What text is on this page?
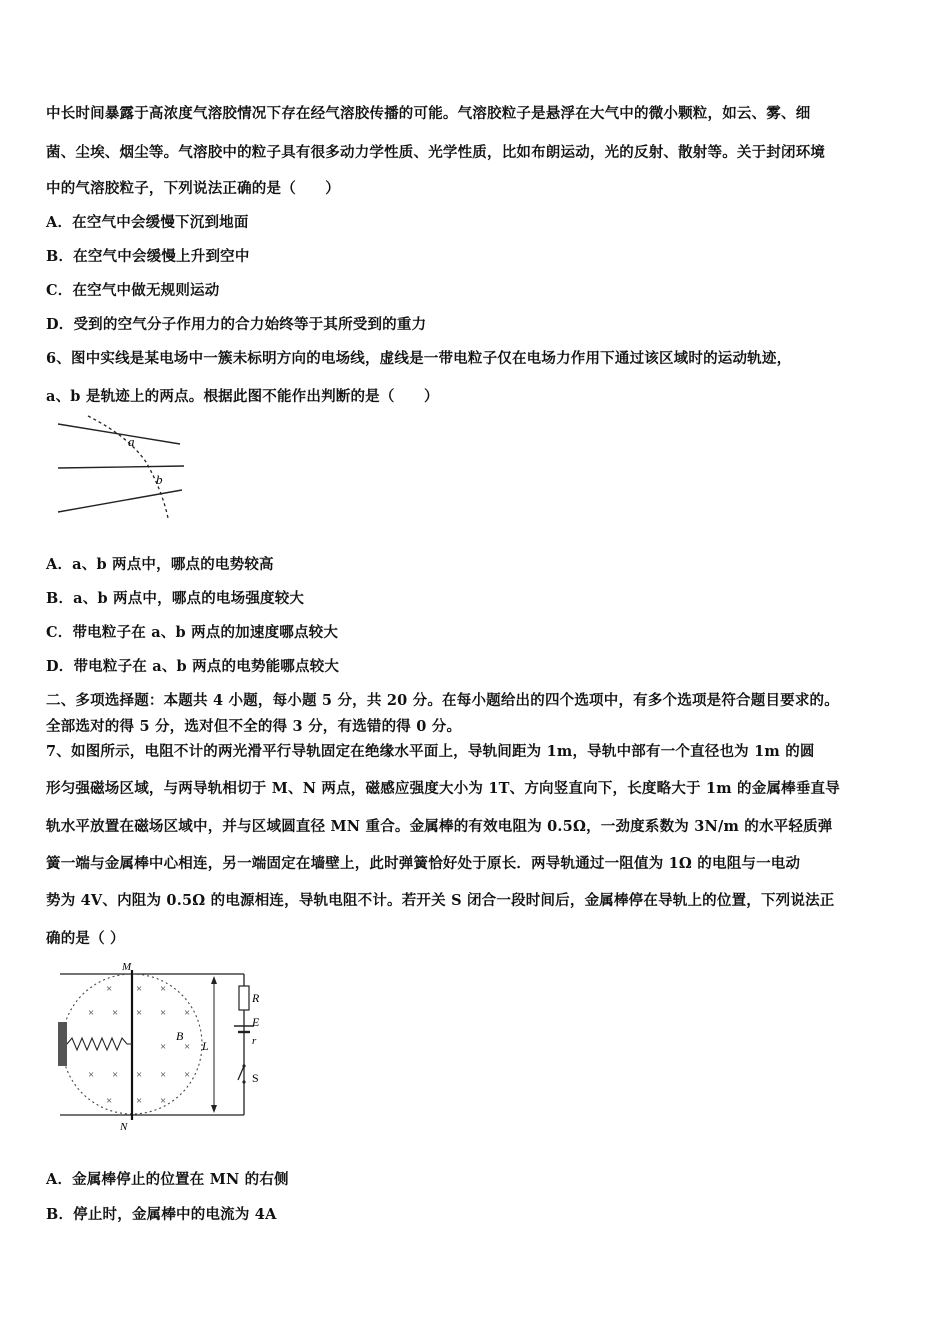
中长时间暴露于高浓度气溶胶情况下存在经气溶胶传播的可能。气溶胶粒子是悬浮在大气中的微小颗粒，如云、雾、细
菌、尘埃、烟尘等。气溶胶中的粒子具有很多动力学性质、光学性质，比如布朗运动，光的反射、散射等。关于封闭环境
中的气溶胶粒子，下列说法正确的是（　　）
A．在空气中会缓慢下沉到地面
B．在空气中会缓慢上升到空中
C．在空气中做无规则运动
D．受到的空气分子作用力的合力始终等于其所受到的重力
6、图中实线是某电场中一簇未标明方向的电场线，虚线是一带电粒子仅在电场力作用下通过该区域时的运动轨迹，
a、b 是轨迹上的两点。根据此图不能作出判断的是（　　）
a
b
A．a、b 两点中，哪点的电势较高
B．a、b 两点中，哪点的电场强度较大
C．带电粒子在 a、b 两点的加速度哪点较大
D．带电粒子在 a、b 两点的电势能哪点较大
二、多项选择题：本题共 4 小题，每小题 5 分，共 20 分。在每小题给出的四个选项中，有多个选项是符合题目要求的。
全部选对的得 5 分，选对但不全的得 3 分，有选错的得 0 分。
7、如图所示，电阻不计的两光滑平行导轨固定在绝缘水平面上，导轨间距为 1m，导轨中部有一个直径也为 1m 的圆
形匀强磁场区域，与两导轨相切于 M、N 两点，磁感应强度大小为 1T、方向竖直向下，长度略大于 1m 的金属棒垂直导
轨水平放置在磁场区域中，并与区域圆直径 MN 重合。金属棒的有效电阻为 0.5Ω，一劲度系数为 3N/m 的水平轻质弹
簧一端与金属棒中心相连，另一端固定在墙壁上，此时弹簧恰好处于原长．两导轨通过一阻值为 1Ω 的电阻与一电动
势为 4V、内阻为 0.5Ω 的电源相连，导轨电阻不计。若开关 S 闭合一段时间后，金属棒停在导轨上的位置，下列说法正
确的是（ ）
× × ×
× × × × ×
× ×
× × × × ×
× × ×
M
N
B
L
R
E
r
S
A．金属棒停止的位置在 MN 的右侧
B．停止时，金属棒中的电流为 4A
